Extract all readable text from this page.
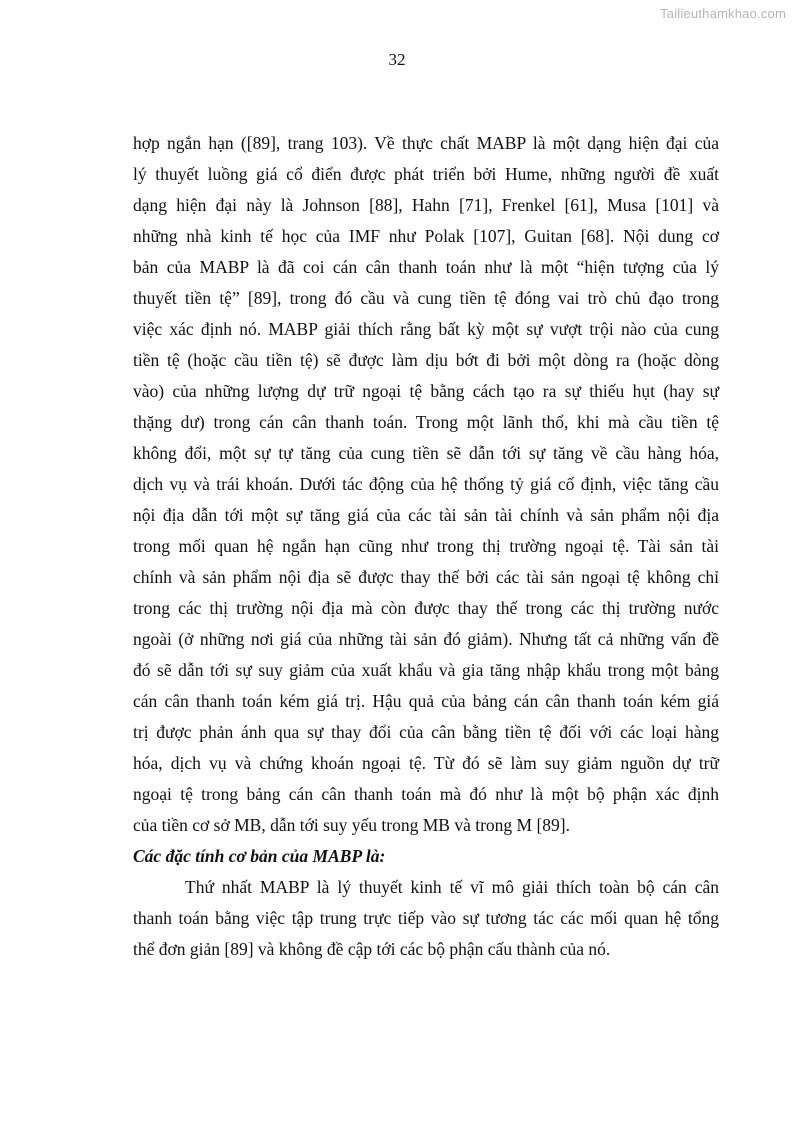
Tailieuthamkhao.com
32
hợp ngắn hạn ([89], trang 103). Về thực chất MABP là một dạng hiện đại của
lý thuyết luồng giá cổ điển được phát triển bởi Hume, những người đề xuất
dạng hiện đại này là Johnson [88], Hahn [71], Frenkel [61], Musa [101] và
những nhà kinh tế học của IMF như Polak [107], Guitan [68]. Nội dung cơ
bản của MABP là đã coi cán cân thanh toán như là một “hiện tượng của lý
thuyết tiền tệ” [89], trong đó cầu và cung tiền tệ đóng vai trò chủ đạo trong
việc xác định nó. MABP giải thích rằng bất kỳ một sự vượt trội nào của cung
tiền tệ (hoặc cầu tiền tệ) sẽ được làm dịu bớt đi bởi một dòng ra (hoặc dòng
vào) của những lượng dự trữ ngoại tệ bằng cách tạo ra sự thiếu hụt (hay sự
thặng dư) trong cán cân thanh toán. Trong một lãnh thổ, khi mà cầu tiền tệ
không đổi, một sự tự tăng của cung tiền sẽ dẫn tới sự tăng về cầu hàng hóa,
dịch vụ và trái khoán. Dưới tác động của hệ thống tỷ giá cố định, việc tăng cầu
nội địa dẫn tới một sự tăng giá của các tài sản tài chính và sản phẩm nội địa
trong mối quan hệ ngắn hạn cũng như trong thị trường ngoại tệ. Tài sản tài
chính và sản phẩm nội địa sẽ được thay thế bởi các tài sản ngoại tệ không chỉ
trong các thị trường nội địa mà còn được thay thế trong các thị trường nước
ngoài (ở những nơi giá của những tài sản đó giảm). Nhưng tất cả những vấn đề
đó sẽ dẫn tới sự suy giảm của xuất khẩu và gia tăng nhập khẩu trong một bảng
cán cân thanh toán kém giá trị. Hậu quả của bảng cán cân thanh toán kém giá
trị được phản ánh qua sự thay đổi của cân bằng tiền tệ đối với các loại hàng
hóa, dịch vụ và chứng khoán ngoại tệ. Từ đó sẽ làm suy giảm nguồn dự trữ
ngoại tệ trong bảng cán cân thanh toán mà đó như là một bộ phận xác định
của tiền cơ sở MB, dẫn tới suy yếu trong MB và trong M [89].
Các đặc tính cơ bản của MABP là:
Thứ nhất MABP là lý thuyết kinh tế vĩ mô giải thích toàn bộ cán cân
thanh toán bằng việc tập trung trực tiếp vào sự tương tác các mối quan hệ tổng
thể đơn giản [89] và không đề cập tới các bộ phận cấu thành của nó.
